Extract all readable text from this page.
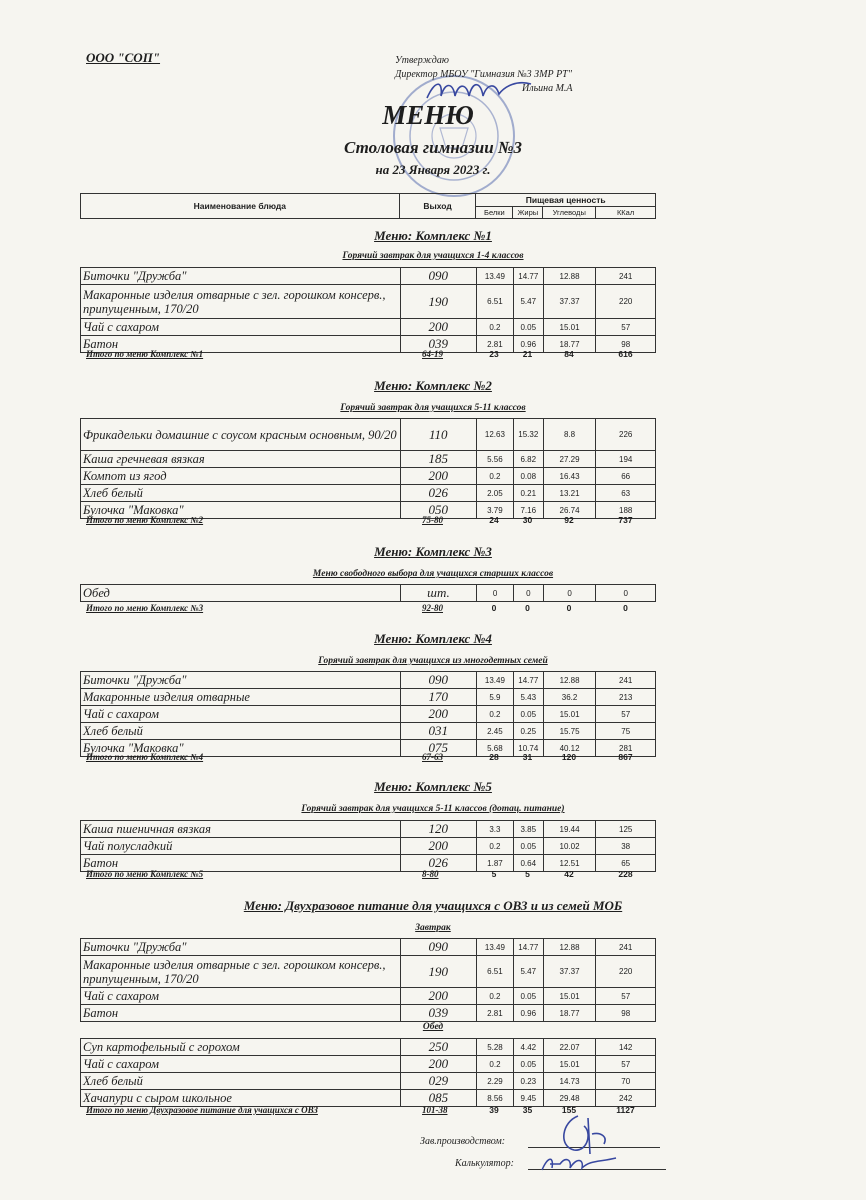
ООО "СОП"	Утверждаю
Директор МБОУ "Гимназия №3 ЗМР РТ"
Ильина М.А
МЕНЮ
Столовая гимназии №3
на 23 Января 2023 г.
Наименование блюда	Выход	Пищевая ценность			
		Белки	Жиры	Углеводы	ККал
Меню: Комплекс №1
Горячий завтрак для учащихся 1-4 классов
Биточки "Дружба"	090	13.49	14.77	12.88	241
Макаронные изделия отварные с зел. горошком консерв., припущенным, 170/20	190	6.51	5.47	37.37	220
Чай с сахаром	200	0.2	0.05	15.01	57
Батон	039	2.81	0.96	18.77	98
Итого по меню Комплекс №1	64-19	23	21	84	616
Меню: Комплекс №2
Горячий завтрак для учащихся 5-11 классов
Фрикадельки домашние с соусом красным основным, 90/20	110	12.63	15.32	8.8	226
Каша гречневая вязкая	185	5.56	6.82	27.29	194
Компот из ягод	200	0.2	0.08	16.43	66
Хлеб белый	026	2.05	0.21	13.21	63
Булочка "Маковка"	050	3.79	7.16	26.74	188
Итого по меню Комплекс №2	75-80	24	30	92	737
Меню: Комплекс №3
Меню свободного выбора для учащихся старших классов
Обед	шт.	0	0	0	0
Итого по меню Комплекс №3	92-80	0	0	0	0
Меню: Комплекс №4
Горячий завтрак для учащихся из многодетных семей
Биточки "Дружба"	090	13.49	14.77	12.88	241
Макаронные изделия отварные	170	5.9	5.43	36.2	213
Чай с сахаром	200	0.2	0.05	15.01	57
Хлеб белый	031	2.45	0.25	15.75	75
Булочка "Маковка"	075	5.68	10.74	40.12	281
Итого по меню Комплекс №4	67-63	28	31	120	867
Меню: Комплекс №5
Горячий завтрак для учащихся 5-11 классов (дотац. питание)
Каша пшеничная вязкая	120	3.3	3.85	19.44	125
Чай полусладкий	200	0.2	0.05	10.02	38
Батон	026	1.87	0.64	12.51	65
Итого по меню Комплекс №5	8-80	5	5	42	228
Меню: Двухразовое питание для учащихся с ОВЗ и из семей МОБ
Завтрак
Биточки "Дружба"	090	13.49	14.77	12.88	241
Макаронные изделия отварные с зел. горошком консерв., припущенным, 170/20	190	6.51	5.47	37.37	220
Чай с сахаром	200	0.2	0.05	15.01	57
Батон	039	2.81	0.96	18.77	98
Обед
Суп картофельный с горохом	250	5.28	4.42	22.07	142
Чай с сахаром	200	0.2	0.05	15.01	57
Хлеб белый	029	2.29	0.23	14.73	70
Хачапури с сыром школьное	085	8.56	9.45	29.48	242
Итого по меню Двухразовое питание для учащихся с ОВЗ	101-38	39	35	155	1127
Зав.производством:
Калькулятор:
